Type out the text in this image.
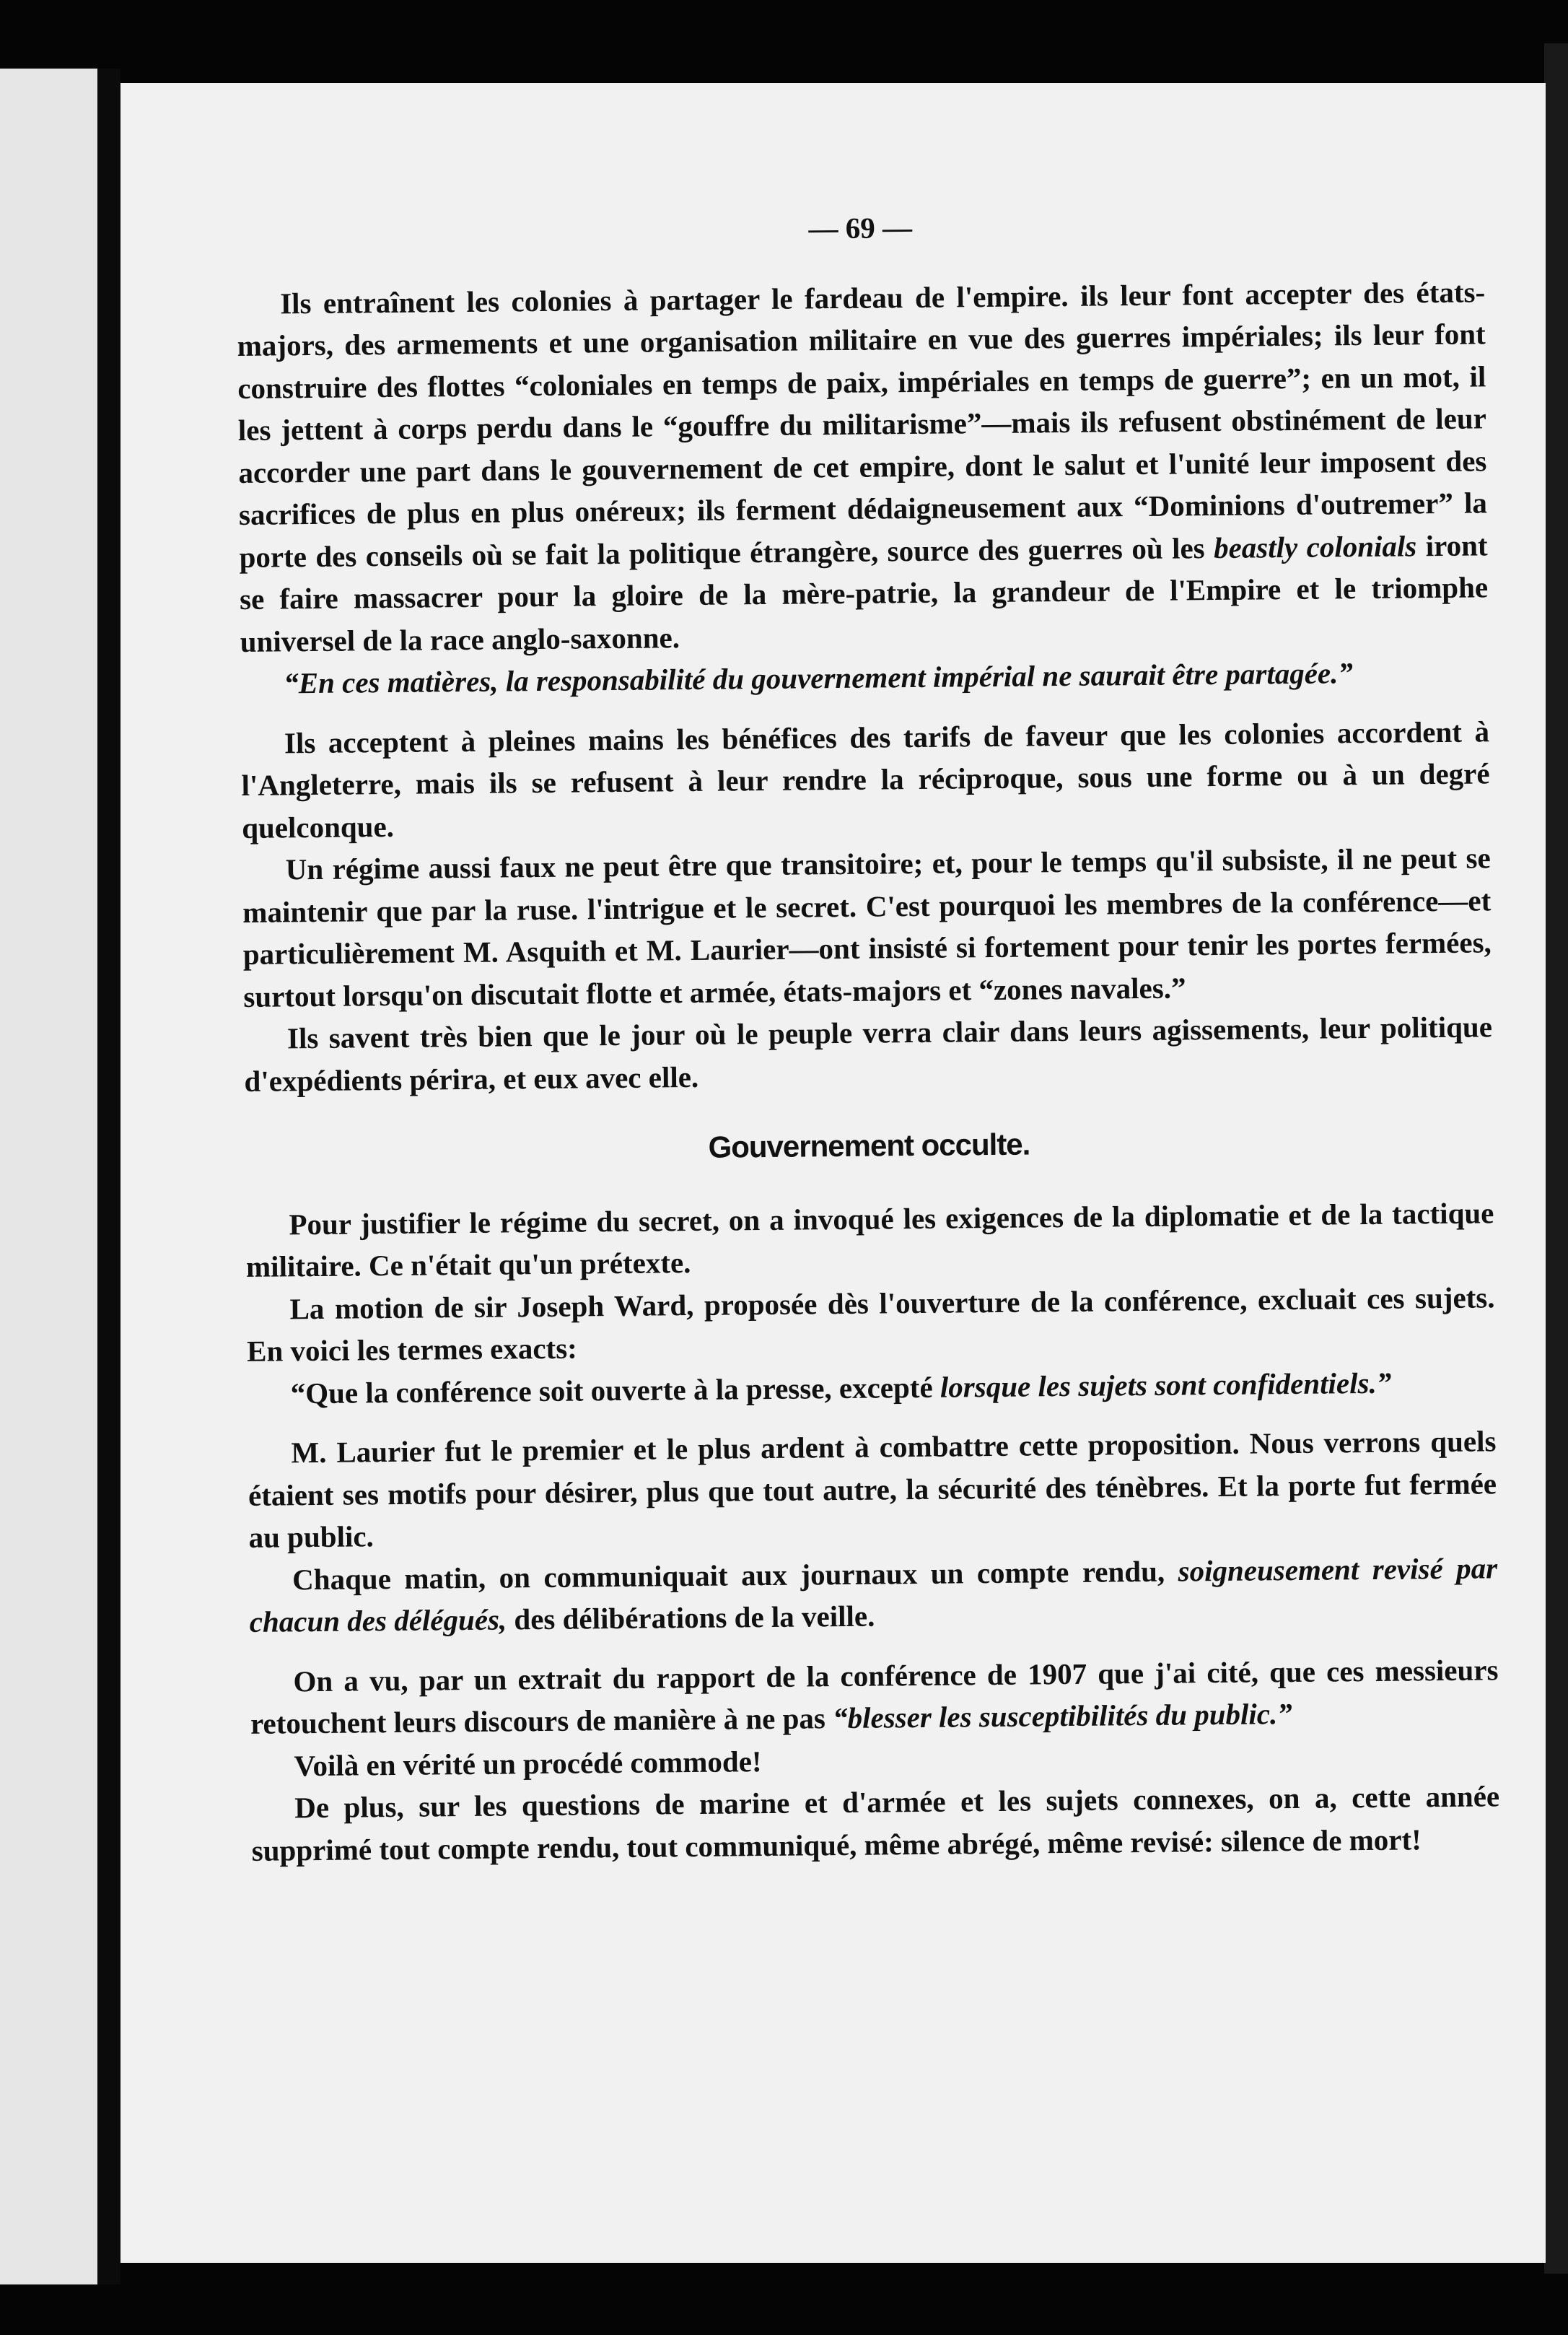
— 69 —

Ils entraînent les colonies à partager le fardeau de l'empire. ils leur font accepter des états-majors, des armements et une organisation militaire en vue des guerres impériales; ils leur font construire des flottes “coloniales en temps de paix, impériales en temps de guerre”; en un mot, il les jettent à corps perdu dans le “gouffre du militarisme”—mais ils refusent obstinément de leur accorder une part dans le gouvernement de cet empire, dont le salut et l'unité leur imposent des sacrifices de plus en plus onéreux; ils ferment dédaigneusement aux “Dominions d'outremer” la porte des conseils où se fait la politique étrangère, source des guerres où les beastly colonials iront se faire massacrer pour la gloire de la mère-patrie, la grandeur de l'Empire et le triomphe universel de la race anglo-saxonne.

“En ces matières, la responsabilité du gouvernement impérial ne saurait être partagée.”

Ils acceptent à pleines mains les bénéfices des tarifs de faveur que les colonies accordent à l'Angleterre, mais ils se refusent à leur rendre la réciproque, sous une forme ou à un degré quelconque.

Un régime aussi faux ne peut être que transitoire; et, pour le temps qu'il subsiste, il ne peut se maintenir que par la ruse. l'intrigue et le secret. C'est pourquoi les membres de la conférence—et particulièrement M. Asquith et M. Laurier—ont insisté si fortement pour tenir les portes fermées, surtout lorsqu'on discutait flotte et armée, états-majors et “zones navales.”

Ils savent très bien que le jour où le peuple verra clair dans leurs agissements, leur politique d'expédients périra, et eux avec elle.

Gouvernement occulte.

Pour justifier le régime du secret, on a invoqué les exigences de la diplomatie et de la tactique militaire. Ce n'était qu'un prétexte.

La motion de sir Joseph Ward, proposée dès l'ouverture de la conférence, excluait ces sujets. En voici les termes exacts:

“Que la conférence soit ouverte à la presse, excepté lorsque les sujets sont confidentiels.”

M. Laurier fut le premier et le plus ardent à combattre cette proposition. Nous verrons quels étaient ses motifs pour désirer, plus que tout autre, la sécurité des ténèbres. Et la porte fut fermée au public.

Chaque matin, on communiquait aux journaux un compte rendu, soigneusement revisé par chacun des délégués, des délibérations de la veille.

On a vu, par un extrait du rapport de la conférence de 1907 que j'ai cité, que ces messieurs retouchent leurs discours de manière à ne pas “blesser les susceptibilités du public.”

Voilà en vérité un procédé commode!

De plus, sur les questions de marine et d'armée et les sujets connexes, on a, cette année supprimé tout compte rendu, tout communiqué, même abrégé, même revisé: silence de mort!
